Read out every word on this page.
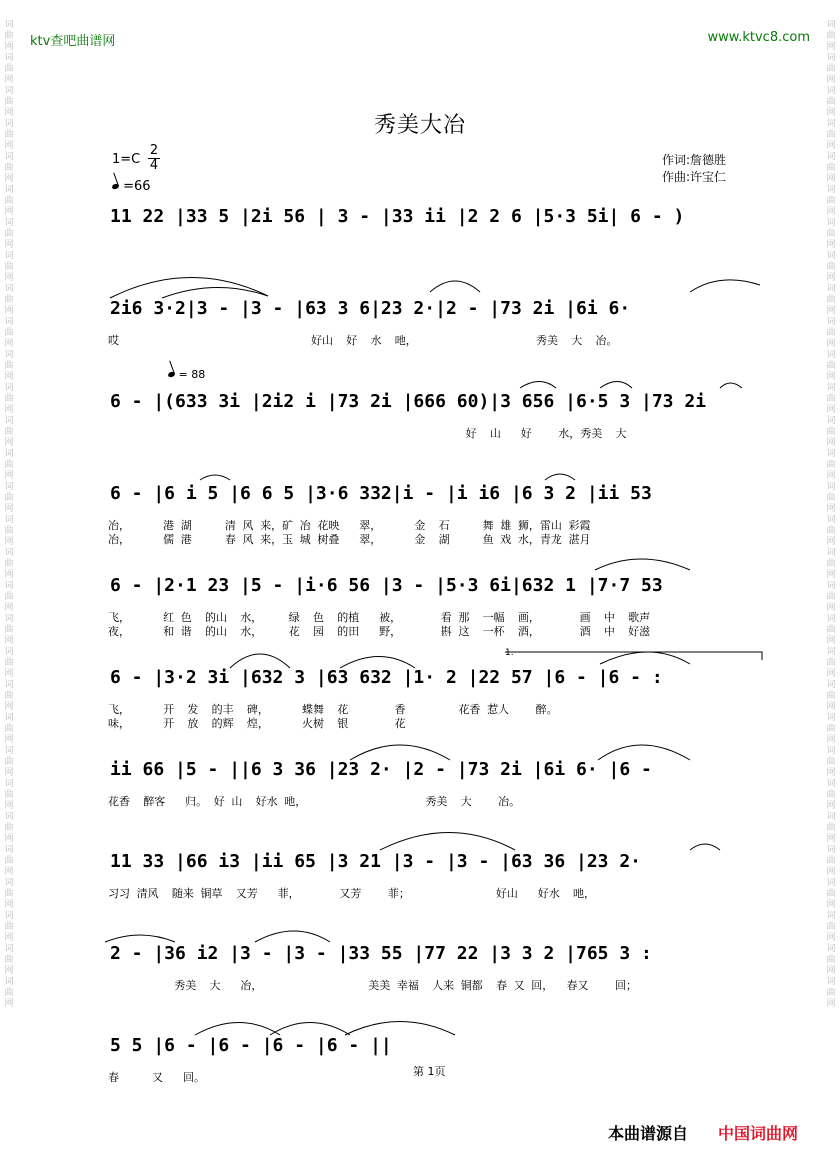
词曲网词曲网词曲网词曲网词曲网词曲网词曲网词曲网词曲网词曲网词曲网词曲网词曲网词曲网词曲网词曲网词曲网词曲网词曲网词曲网词曲网词曲网词曲网词曲网词曲网词曲网词曲网词曲网词曲网词曲网
词曲网词曲网词曲网词曲网词曲网词曲网词曲网词曲网词曲网词曲网词曲网词曲网词曲网词曲网词曲网词曲网词曲网词曲网词曲网词曲网词曲网词曲网词曲网词曲网词曲网词曲网词曲网词曲网词曲网词曲网
ktv查吧曲谱网	www.ktvc8.com
秀美大冶
1=C
2
4
=66
作词:詹德胜
作曲:许宝仁
= 88
1.
11 22 |33 5 |2i 56 | 3 - |33 ii |2 2 6 |5·3 5i| 6 - )
2i6 3·2|3 - |3 - |63 3 6|23 2·|2 - |73 2i |6i 6·
哎                             好山  好  水  吔，                  秀美  大  冶。
6 - |(633 3i |2i2 i |73 2i |666 60)|3 656 |6·5 3 |73 2i
好  山   好    水，秀美  大
6 - |6 i 5 |6 6 5 |3·6 332|i - |i i6 |6 3 2 |ii 53
冶，     港 湖     清 风 来，矿 冶 花映   翠，     金  石     舞 雄 狮，雷山 彩霞
冶，     儒 港     春 风 来，玉 城 树叠   翠，     金  湖     鱼 戏 水，青龙 湛月
6 - |2·1 23 |5 - |i·6 56 |3 - |5·3 6i|632 1 |7·7 53
飞，     红 色  的山  水，    绿  色  的植   被，      看 那  一幅  画，      画  中  歌声
夜，     和 谐  的山  水，    花  园  的田   野，      斟 这  一杯  酒，      酒  中  好滋
6 - |3·2 3i |632 3 |63 632 |1· 2 |22 57 |6 - |6 - :
飞，     开  发  的丰  碑，     蝶舞  花       香        花香 惹人    醉。
味，     开  放  的辉  煌，     火树  银       花
ii 66 |5 - ||6 3 36 |23 2· |2 - |73 2i |6i 6· |6 -
花香  醉客   归。 好 山  好水 吔，                  秀美  大    冶。
11 33 |66 i3 |ii 65 |3 21 |3 - |3 - |63 36 |23 2·
习习 清风  随来 铜草  又芳   菲，      又芳    菲；             好山   好水  吔，
2 - |36 i2 |3 - |3 - |33 55 |77 22 |3 3 2 |765 3 :
秀美  大   冶，                美美 幸福  人来 铜都  春 又 回，  春又    回；
5 5 |6 - |6 - |6 - |6 - ||
春     又   回。	第 1页
本曲谱源自 中国词曲网
